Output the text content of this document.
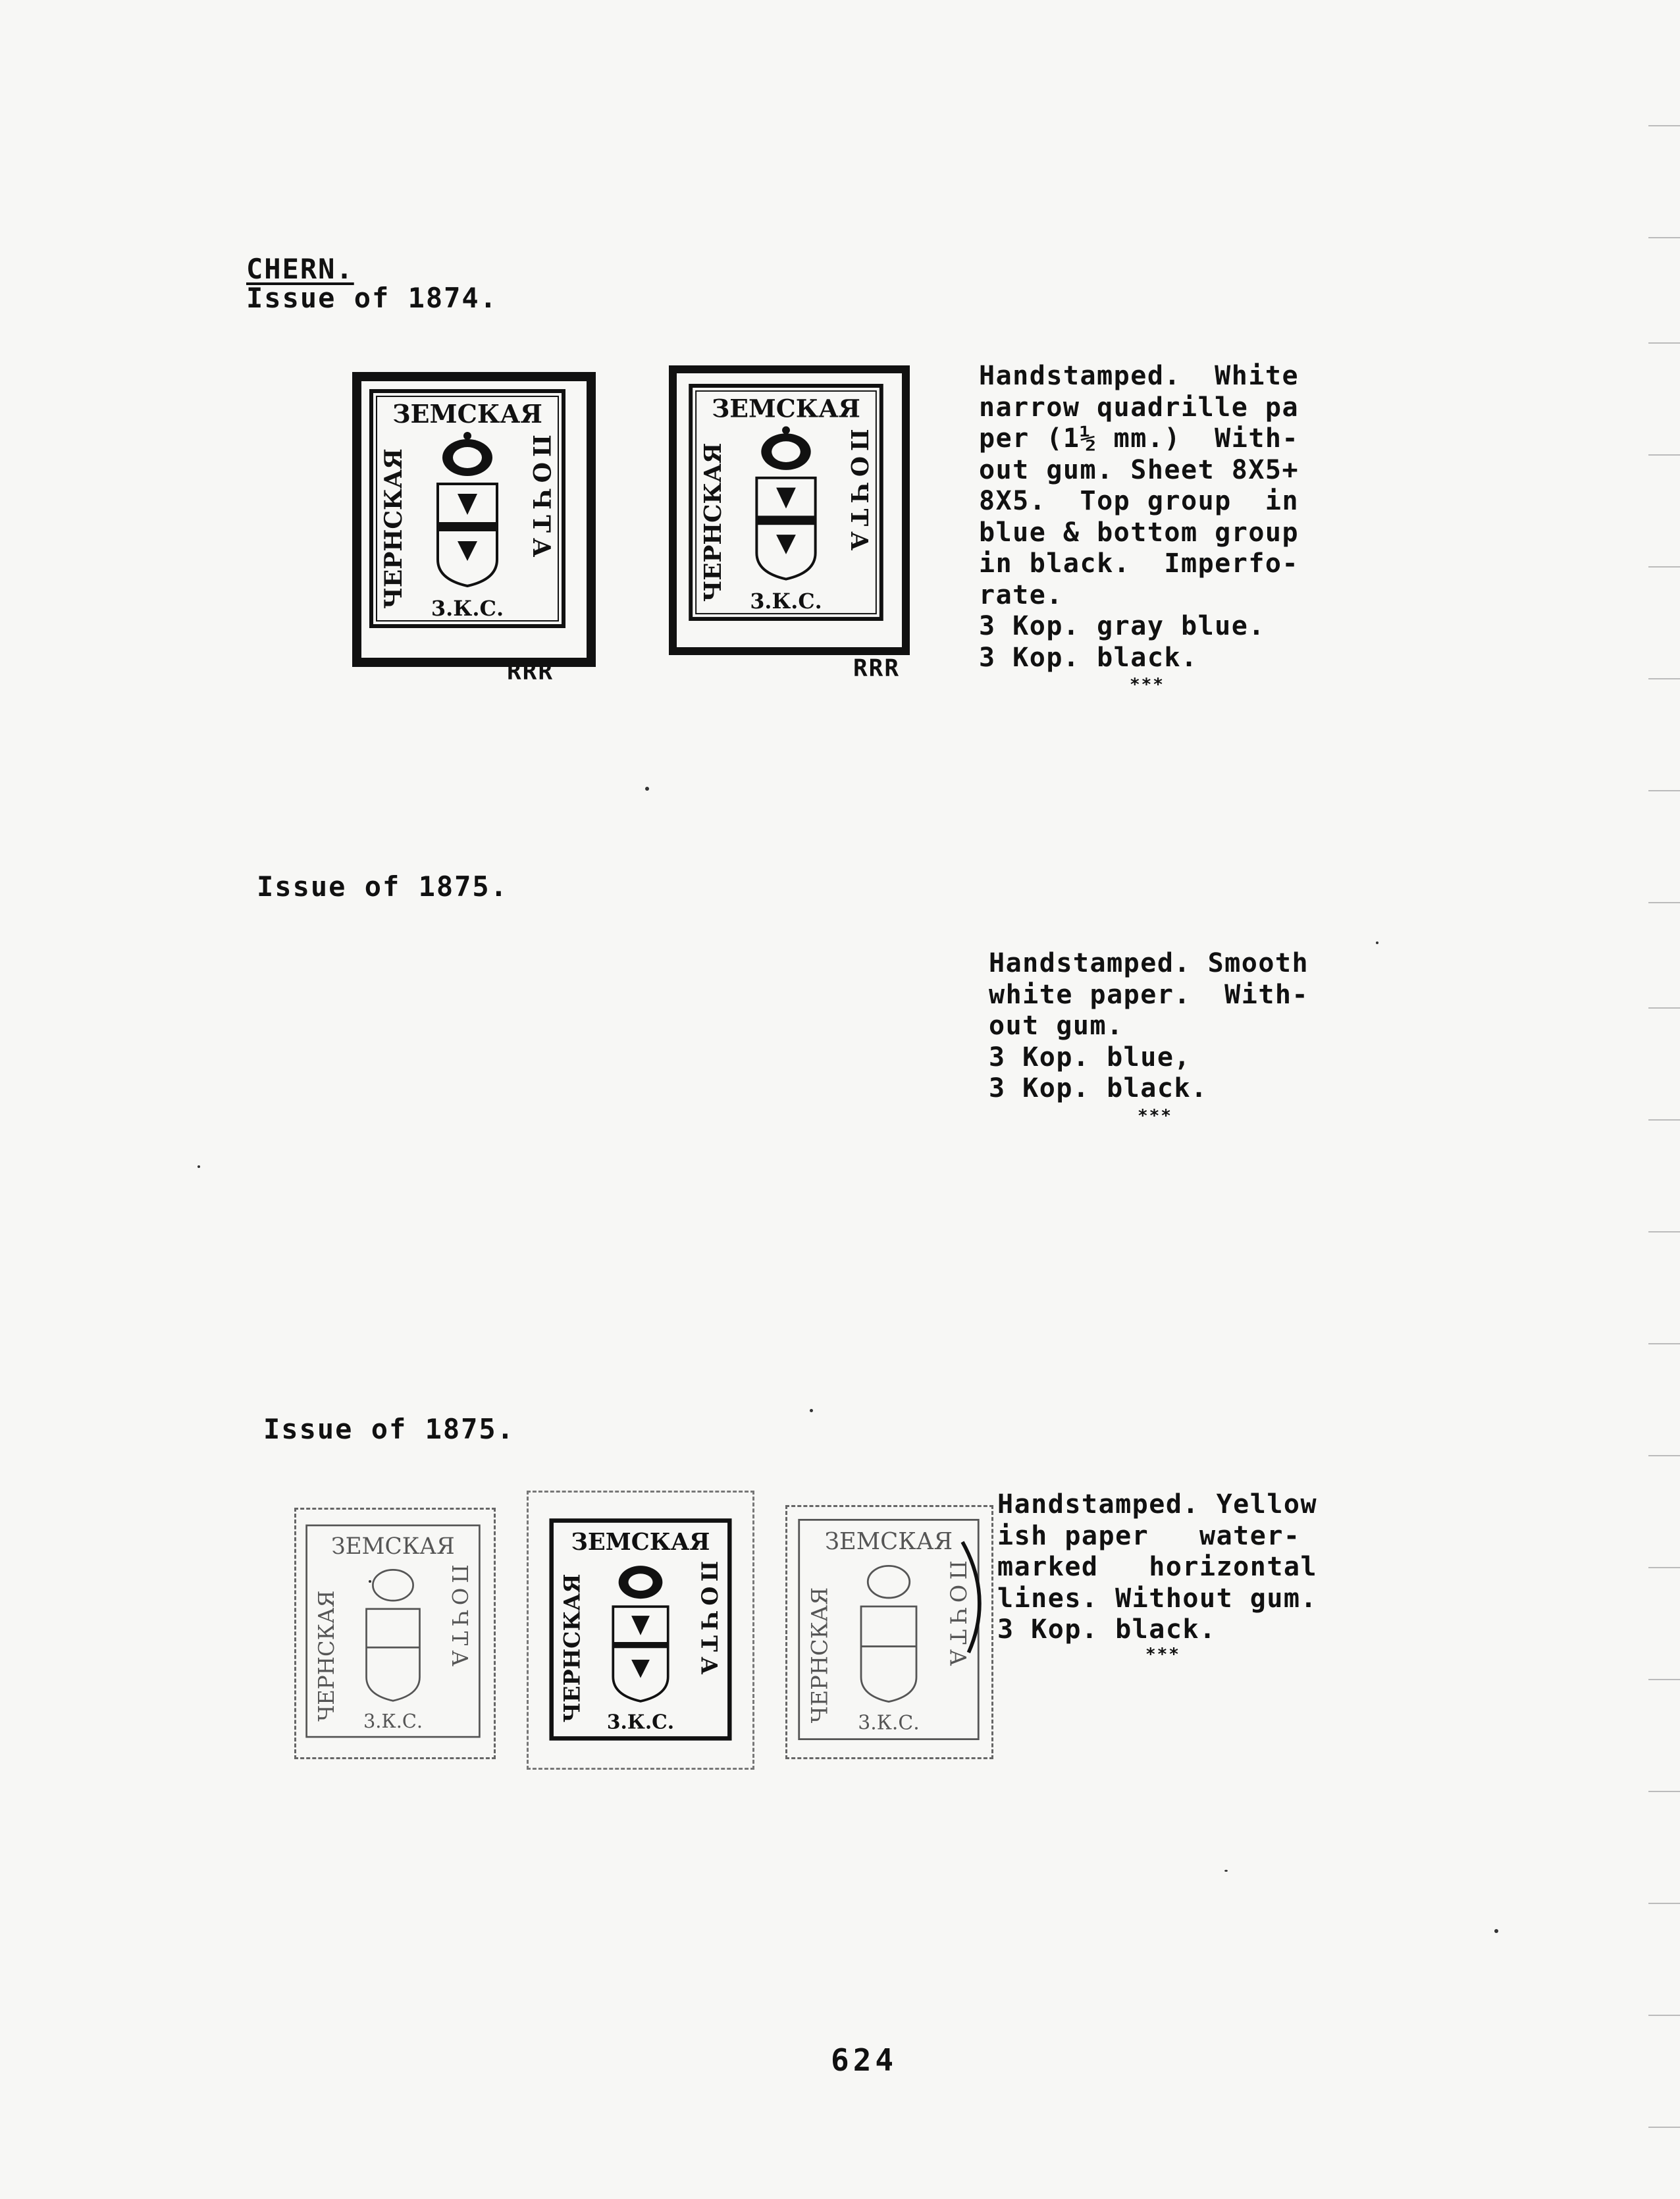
CHERN.
Issue of 1874.
ЗЕМСКАЯ
ЧЕРНСКАЯ	ПОЧТА
3.К.С.
RRR
ЗЕМСКАЯ
ЧЕРНСКАЯ	ПОЧТА
3.К.С.
RRR
Handstamped.  White
narrow quadrille pa
per (1½ mm.)  With-
out gum. Sheet 8X5+
8X5.  Top group  in
blue & bottom group
in black.  Imperfo-
rate.
3 Kop. gray blue.
3 Kop. black.
***
Issue of 1875.
Handstamped. Smooth
white paper.  With-
out gum.
3 Kop. blue,
3 Kop. black.
***
Issue of 1875.
ЗЕМСКАЯ
ЧЕРНСКАЯ	ПОЧТА
3.К.С.
ЗЕМСКАЯ
ЧЕРНСКАЯ	ПОЧТА
3.К.С.
ЗЕМСКАЯ
ЧЕРНСКАЯ	ПОЧТА
3.К.С.
Handstamped. Yellow
ish paper   water-
marked   horizontal
lines. Without gum.
3 Kop. black.
***
624
